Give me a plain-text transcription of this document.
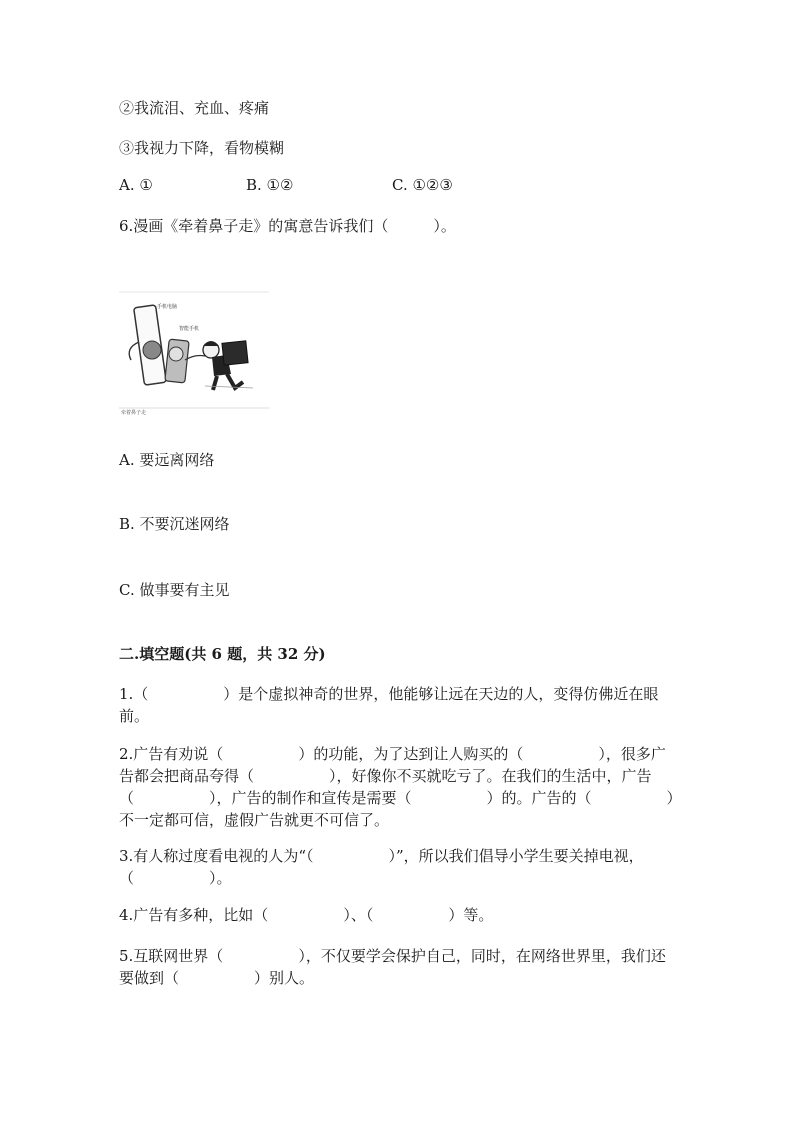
②我流泪、充血、疼痛
③我视力下降，看物模糊
A. ①	B. ①②	C. ①②③
6.漫画《牵着鼻子走》的寓意告诉我们（　　　）。
手机电脑
智能手机
牵着鼻子走
A. 要远离网络
B. 不要沉迷网络
C. 做事要有主见
二.填空题(共 6 题，共 32 分)
1.（　　　　　）是个虚拟神奇的世界，他能够让远在天边的人，变得仿佛近在眼前。
2.广告有劝说（　　　　　）的功能，为了达到让人购买的（　　　　　），很多广告都会把商品夸得（　　　　　），好像你不买就吃亏了。在我们的生活中，广告（　　　　　），广告的制作和宣传是需要（　　　　　）的。广告的（　　　　　）不一定都可信，虚假广告就更不可信了。
3.有人称过度看电视的人为“（　　　　　）”，所以我们倡导小学生要关掉电视，（　　　　　）。
4.广告有多种，比如（　　　　　）、（　　　　　）等。
5.互联网世界（　　　　　），不仅要学会保护自己，同时，在网络世界里，我们还要做到（　　　　　）别人。
